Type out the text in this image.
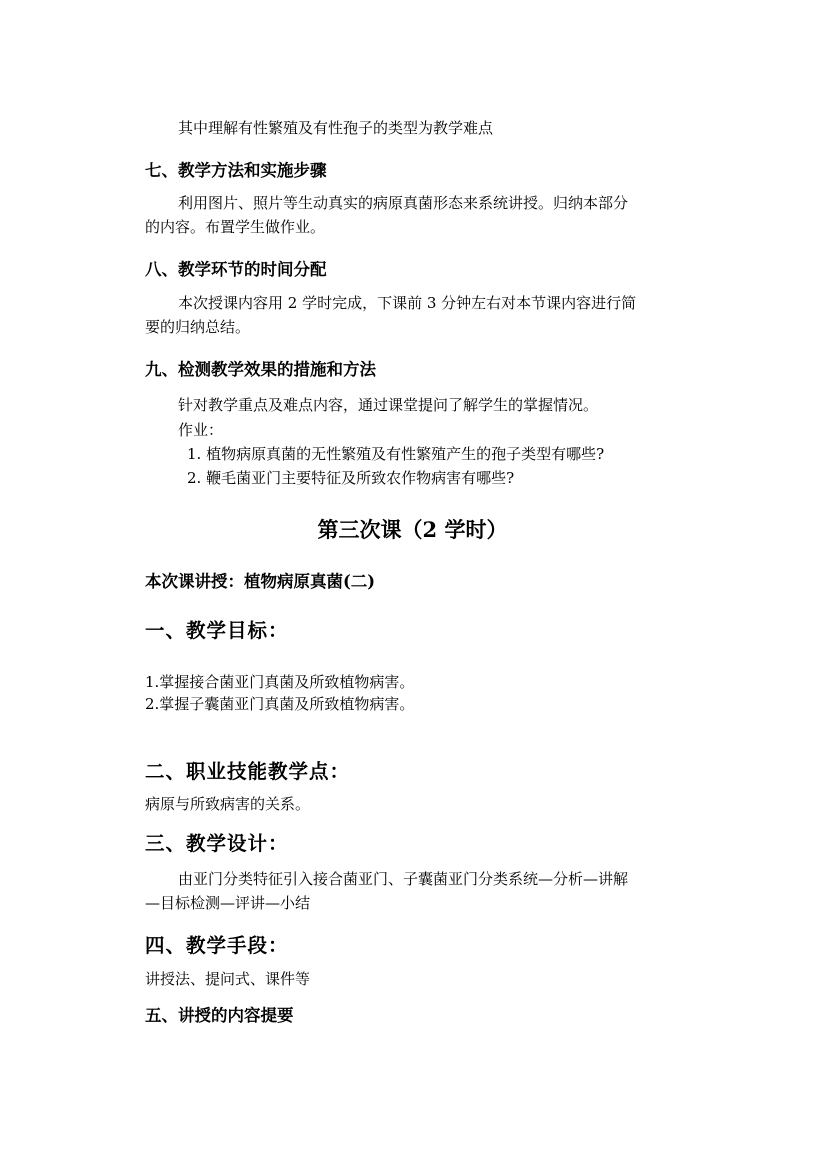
其中理解有性繁殖及有性孢子的类型为教学难点
七、教学方法和实施步骤
利用图片、照片等生动真实的病原真菌形态来系统讲授。归纳本部分
的内容。布置学生做作业。
八、教学环节的时间分配
本次授课内容用 2 学时完成，下课前 3 分钟左右对本节课内容进行简
要的归纳总结。
九、检测教学效果的措施和方法
针对教学重点及难点内容，通过课堂提问了解学生的掌握情况。
作业：
1. 植物病原真菌的无性繁殖及有性繁殖产生的孢子类型有哪些?
2. 鞭毛菌亚门主要特征及所致农作物病害有哪些?
第三次课（2 学时）
本次课讲授：植物病原真菌(二)
一、教学目标：
1.掌握接合菌亚门真菌及所致植物病害。
2.掌握子囊菌亚门真菌及所致植物病害。
二、职业技能教学点：
病原与所致病害的关系。
三、教学设计：
由亚门分类特征引入接合菌亚门、子囊菌亚门分类系统—分析—讲解
—目标检测—评讲—小结
四、教学手段：
讲授法、提问式、课件等
五、讲授的内容提要
